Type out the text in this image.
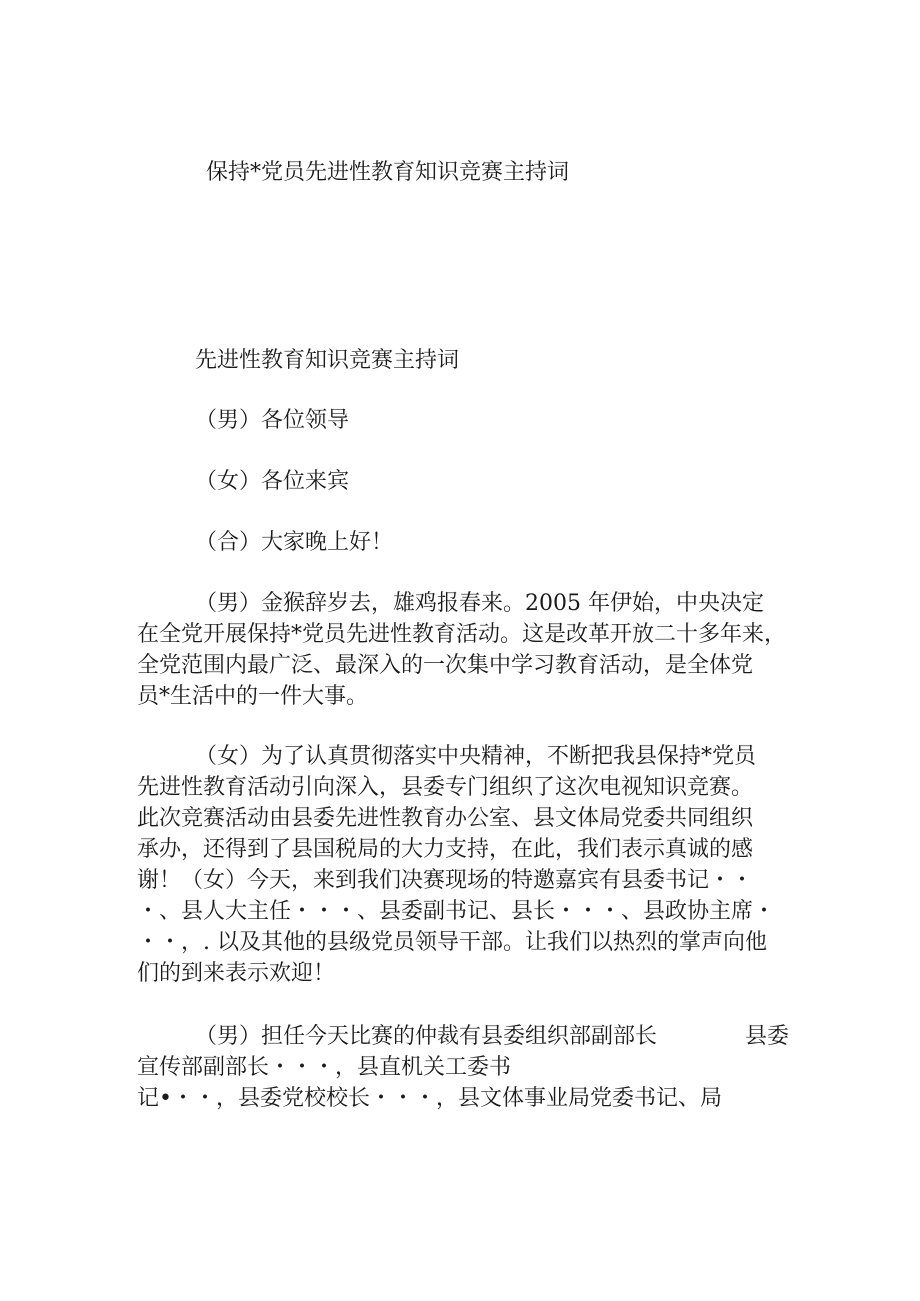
保持*党员先进性教育知识竞赛主持词
先进性教育知识竞赛主持词

（男）各位领导

（女）各位来宾

（合）大家晚上好！

（男）金猴辞岁去，雄鸡报春来。2005 年伊始，中央决定
在全党开展保持*党员先进性教育活动。这是改革开放二十多年来，
全党范围内最广泛、最深入的一次集中学习教育活动，是全体党
员*生活中的一件大事。

（女）为了认真贯彻落实中央精神，不断把我县保持*党员
先进性教育活动引向深入，县委专门组织了这次电视知识竞赛。
此次竞赛活动由县委先进性教育办公室、县文体局党委共同组织
承办，还得到了县国税局的大力支持，在此，我们表示真诚的感
谢！（女）今天，来到我们决赛现场的特邀嘉宾有县委书记・・
・、县人大主任・・・、县委副书记、县长・・・、县政协主席・
・・，. 以及其他的县级党员领导干部。让我们以热烈的掌声向他
们的到来表示欢迎！

（男）担任今天比赛的仲裁有县委组织部副部长	县委
宣传部副部长・・・，县直机关工委书
记•・・，县委党校校长・・・，县文体事业局党委书记、局
